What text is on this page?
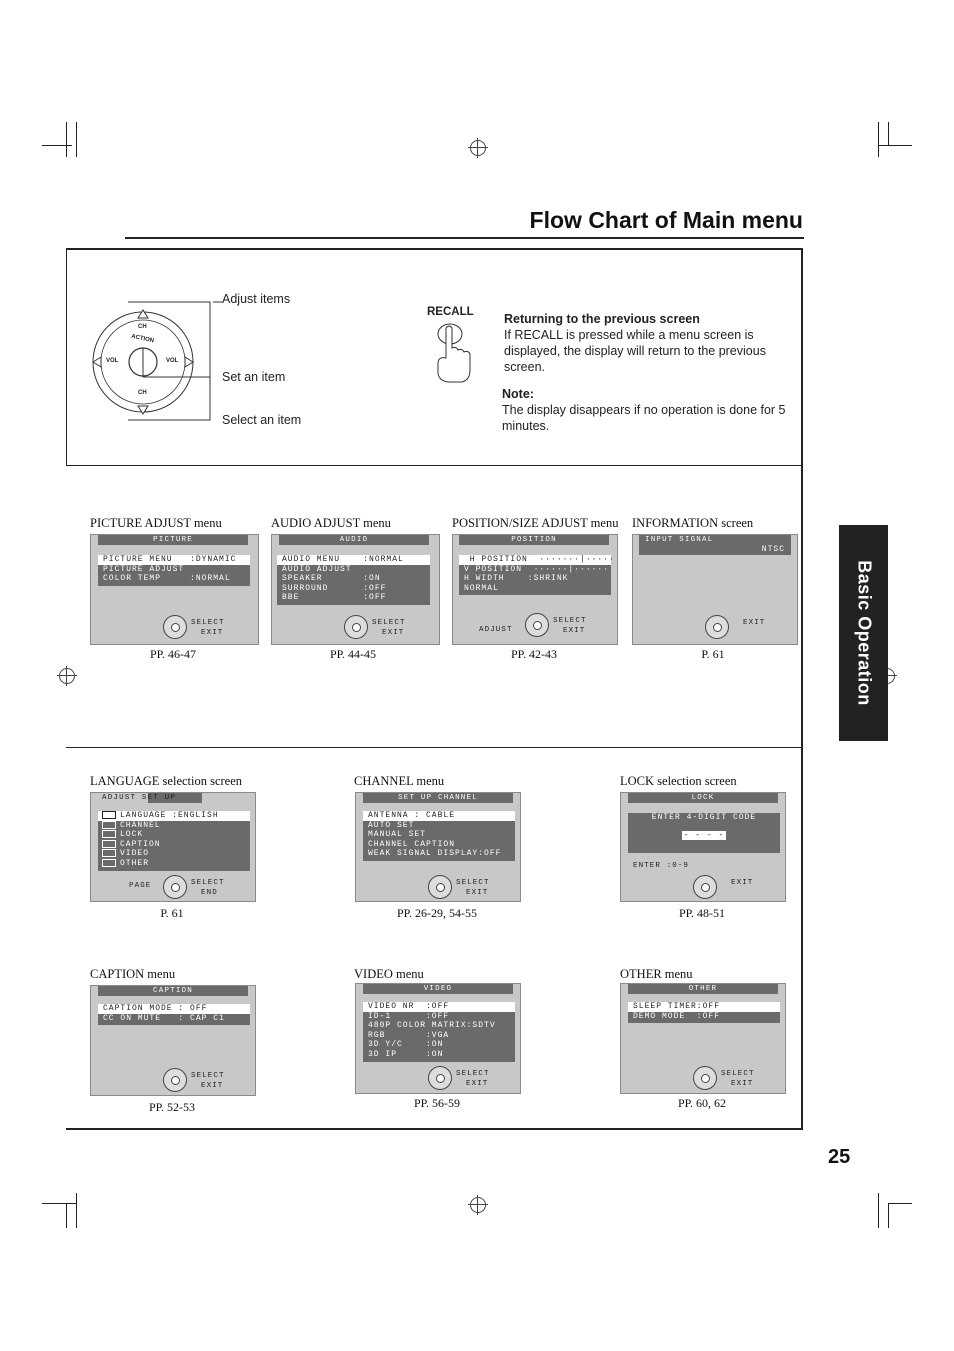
Flow Chart of Main menu
CH
CH
ACTION
VOL	VOL
Adjust items
Set an item
Select an item
RECALL Returning to the previous screen
If RECALL is pressed while a menu screen is displayed, the display will return to the previous screen.
Note:
The display disappears if no operation is done for 5 minutes.
Basic Operation
25
PICTURE ADJUST menu
PICTURE
PICTURE MENU   :DYNAMIC
PICTURE ADJUST
COLOR TEMP     :NORMAL
SELECT
EXIT
PP. 46-47
AUDIO ADJUST menu
AUDIO
AUDIO MENU    :NORMAL
AUDIO ADJUST
SPEAKER       :ON
SURROUND      :OFF
BBE           :OFF
SELECT
EXIT
PP. 44-45
POSITION/SIZE ADJUST menu
POSITION
H POSITION  ·······|·····
V POSITION  ······|······
H WIDTH    :SHRINK
NORMAL
SELECT
EXIT
ADJUST
PP. 42-43
INFORMATION screen
INPUT SIGNAL
NTSC
EXIT
P. 61
LANGUAGE selection screen
ADJUST SET UP
LANGUAGE :ENGLISH
CHANNEL
LOCK
CAPTION
VIDEO
OTHER
SELECT
END
PAGE
P. 61
CHANNEL menu
SET UP CHANNEL
ANTENNA : CABLE
AUTO SET
MANUAL SET
CHANNEL CAPTION
WEAK SIGNAL DISPLAY:OFF
SELECT
EXIT
PP. 26-29, 54-55
LOCK selection screen
LOCK
ENTER 4-DIGIT CODE
- - - -
ENTER :0-9
EXIT
PP. 48-51
CAPTION menu
CAPTION
CAPTION MODE : OFF
CC ON MUTE   : CAP C1
SELECT
EXIT
PP. 52-53
VIDEO menu
VIDEO
VIDEO NR  :OFF
ID-1      :OFF
480P COLOR MATRIX:SDTV
RGB       :VGA
3D Y/C    :ON
3D IP     :ON
SELECT
EXIT
PP. 56-59
OTHER menu
OTHER
SLEEP TIMER:OFF
DEMO MODE  :OFF
SELECT
EXIT
PP. 60, 62
